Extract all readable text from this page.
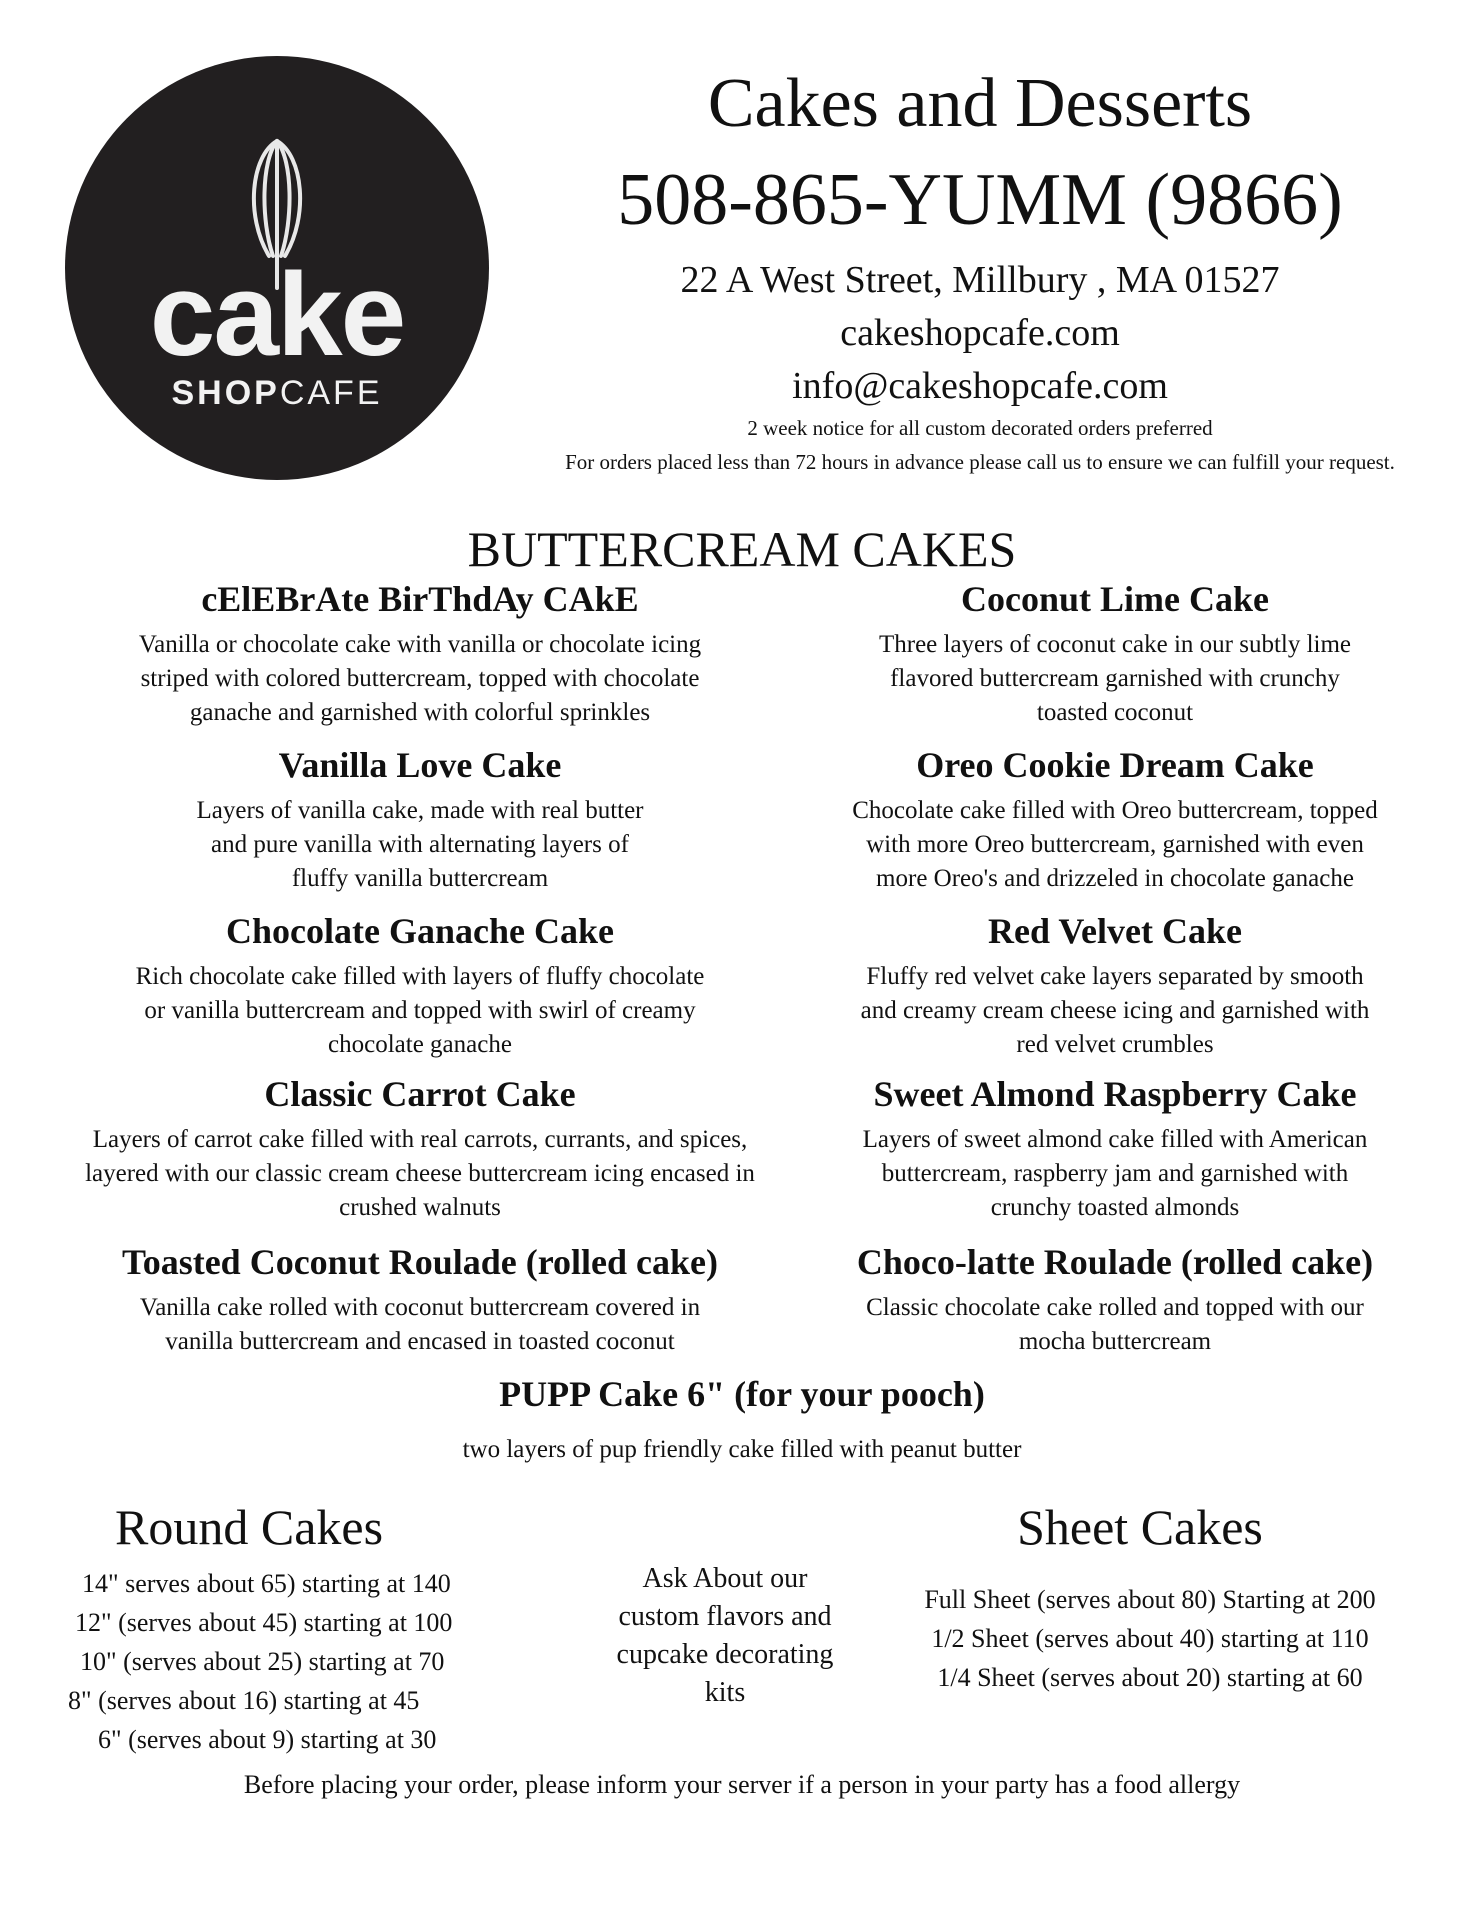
cake
SHOPCAFE
Cakes and Desserts
508-865-YUMM (9866)
22 A West Street, Millbury , MA 01527
cakeshopcafe.com
info@cakeshopcafe.com
2 week notice for all custom decorated orders preferred
For orders placed less than 72 hours in advance please call us to ensure we can fulfill your request.
BUTTERCREAM CAKES
cElEBrAte BirThdAy CAkE
Vanilla or chocolate cake with vanilla or chocolate icing
striped with colored buttercream, topped with chocolate
ganache and garnished with colorful sprinkles
Vanilla Love Cake
Layers of vanilla cake, made with real butter
and pure vanilla with alternating layers of
fluffy vanilla buttercream
Chocolate Ganache Cake
Rich chocolate cake filled with layers of fluffy chocolate
or vanilla buttercream and topped with swirl of creamy
chocolate ganache
Classic Carrot Cake
Layers of carrot cake filled with real carrots, currants, and spices,
layered with our classic cream cheese buttercream icing encased in
crushed walnuts
Toasted Coconut Roulade (rolled cake)
Vanilla cake rolled with coconut buttercream covered in
vanilla buttercream and encased in toasted coconut
Coconut Lime Cake
Three layers of coconut cake in our subtly lime
flavored buttercream garnished with crunchy
toasted coconut
Oreo Cookie Dream Cake
Chocolate cake filled with Oreo buttercream, topped
with more Oreo buttercream, garnished with even
more Oreo's and drizzeled in chocolate ganache
Red Velvet Cake
Fluffy red velvet cake layers separated by smooth
and creamy cream cheese icing and garnished with
red velvet crumbles
Sweet Almond Raspberry Cake
Layers of sweet almond cake filled with American
buttercream, raspberry jam and garnished with
crunchy toasted almonds
Choco-latte Roulade (rolled cake)
Classic chocolate cake rolled and topped with our
mocha buttercream
PUPP Cake 6" (for your pooch)
two layers of pup friendly cake filled with peanut butter
Round Cakes
14" serves about 65) starting at 140
12" (serves about 45) starting at 100
10" (serves about 25) starting at 70
8" (serves about 16) starting at 45
6" (serves about 9) starting at 30
Ask About our
custom flavors and
cupcake decorating
kits
Sheet Cakes
Full Sheet (serves about 80) Starting at 200
1/2 Sheet (serves about 40) starting at 110
1/4 Sheet (serves about 20) starting at 60
Before placing your order, please inform your server if a person in your party has a food allergy
